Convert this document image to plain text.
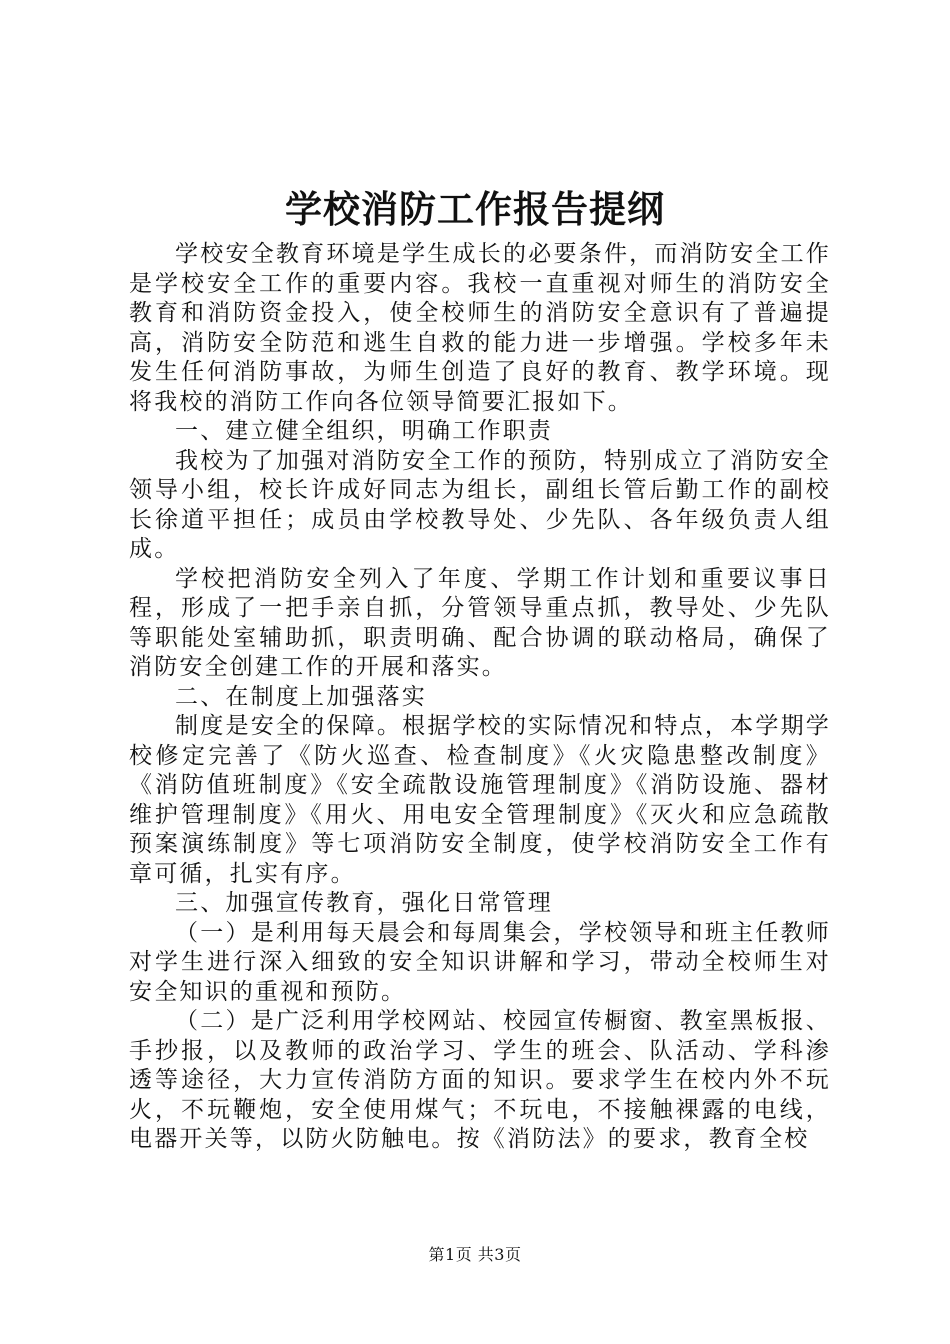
学校消防工作报告提纲

学校安全教育环境是学生成长的必要条件，而消防安全工作是学校安全工作的重要内容。我校一直重视对师生的消防安全教育和消防资金投入，使全校师生的消防安全意识有了普遍提高，消防安全防范和逃生自救的能力进一步增强。学校多年未发生任何消防事故，为师生创造了良好的教育、教学环境。现将我校的消防工作向各位领导简要汇报如下。

一、建立健全组织，明确工作职责

我校为了加强对消防安全工作的预防，特别成立了消防安全领导小组，校长许成好同志为组长，副组长管后勤工作的副校长徐道平担任；成员由学校教导处、少先队、各年级负责人组成。

学校把消防安全列入了年度、学期工作计划和重要议事日程，形成了一把手亲自抓，分管领导重点抓，教导处、少先队等职能处室辅助抓，职责明确、配合协调的联动格局，确保了消防安全创建工作的开展和落实。

二、在制度上加强落实

制度是安全的保障。根据学校的实际情况和特点，本学期学校修定完善了《防火巡查、检查制度》《火灾隐患整改制度》《消防值班制度》《安全疏散设施管理制度》《消防设施、器材维护管理制度》《用火、用电安全管理制度》《灭火和应急疏散预案演练制度》等七项消防安全制度，使学校消防安全工作有章可循，扎实有序。

三、加强宣传教育，强化日常管理

（一）是利用每天晨会和每周集会，学校领导和班主任教师对学生进行深入细致的安全知识讲解和学习，带动全校师生对安全知识的重视和预防。

（二）是广泛利用学校网站、校园宣传橱窗、教室黑板报、手抄报，以及教师的政治学习、学生的班会、队活动、学科渗透等途径，大力宣传消防方面的知识。要求学生在校内外不玩火，不玩鞭炮，安全使用煤气；不玩电，不接触裸露的电线，电器开关等，以防火防触电。按《消防法》的要求，教育全校

第1页 共3页
